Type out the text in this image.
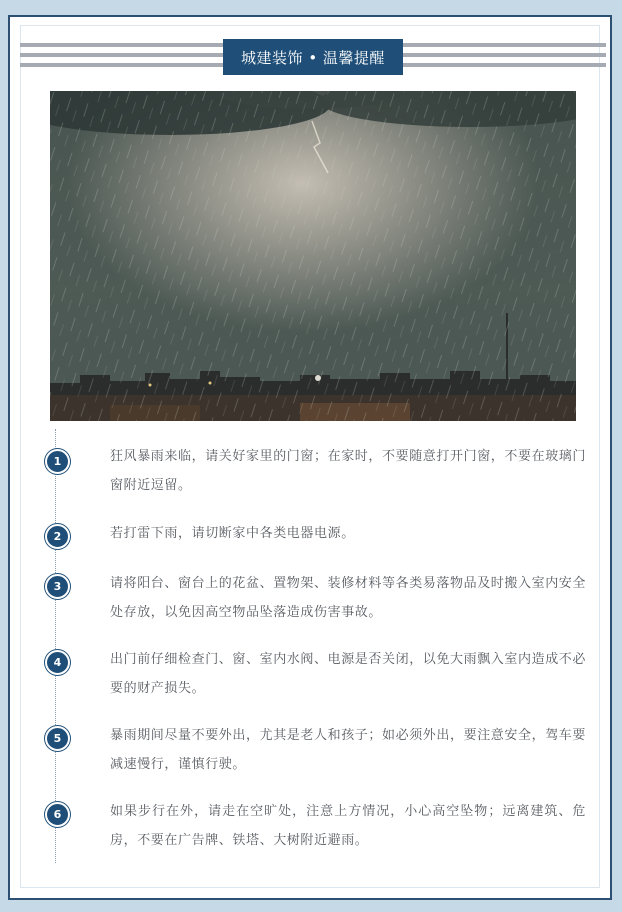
城建装饰 • 温馨提醒
1	狂风暴雨来临，请关好家里的门窗；在家时，不要随意打开门窗，不要在玻璃门窗附近逗留。
2	若打雷下雨，请切断家中各类电器电源。
3	请将阳台、窗台上的花盆、置物架、装修材料等各类易落物品及时搬入室内安全处存放，以免因高空物品坠落造成伤害事故。
4	出门前仔细检查门、窗、室内水阀、电源是否关闭，以免大雨飘入室内造成不必要的财产损失。
5	暴雨期间尽量不要外出，尤其是老人和孩子；如必须外出，要注意安全，驾车要减速慢行，谨慎行驶。
6	如果步行在外，请走在空旷处，注意上方情况，小心高空坠物；远离建筑、危房，不要在广告牌、铁塔、大树附近避雨。
